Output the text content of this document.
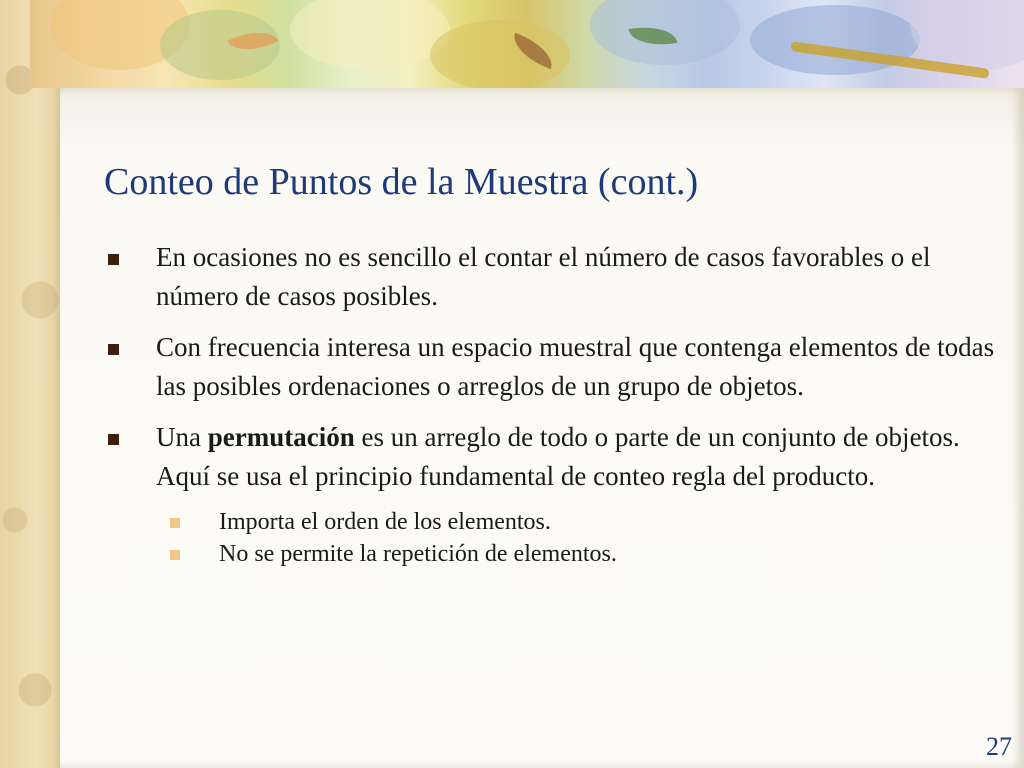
Conteo de Puntos de la Muestra (cont.)
En ocasiones no es sencillo el contar el número de casos favorables o el número de casos posibles.
Con frecuencia interesa un espacio muestral que contenga elementos de todas las posibles ordenaciones o arreglos de un grupo de objetos.
Una permutación es un arreglo de todo o parte de un conjunto de objetos. Aquí se usa el principio fundamental de conteo regla del producto.
Importa el orden de los elementos.
No se permite la repetición de elementos.
27
